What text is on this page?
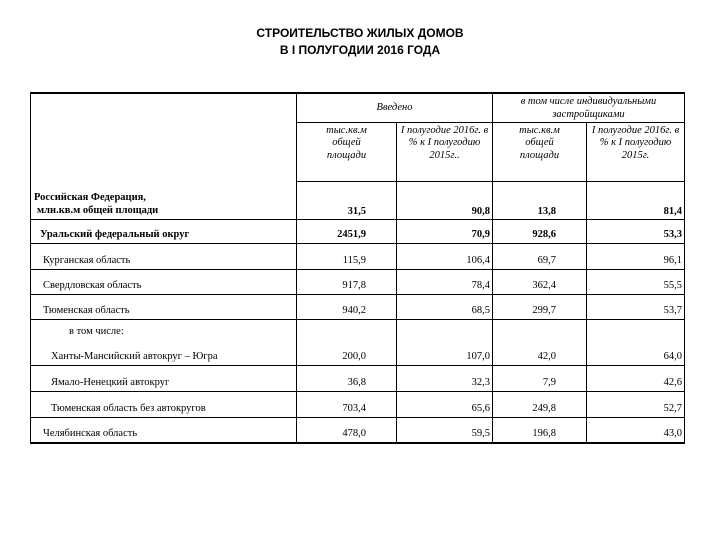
СТРОИТЕЛЬСТВО ЖИЛЫХ ДОМОВ
В I ПОЛУГОДИИ 2016 ГОДА
	Введено		в том числе индивидуальными застройщиками	
	тыс.кв.м общей площади	I полугодие 2016г. в % к I полугодию 2015г..	тыс.кв.м общей площади	I полугодие 2016г. в % к I полугодию 2015г.

Российская Федерация,
млн.кв.м общей площади	31,5	90,8	13,8	81,4
Уральский федеральный округ	2451,9	70,9	928,6	53,3
Курганская область	115,9	106,4	69,7	96,1
Свердловская область	917,8	78,4	362,4	55,5
Тюменская область	940,2	68,5	299,7	53,7

в том числе:
Ханты-Мансийский автокруг – Югра	200,0	107,0	42,0	64,0
Ямало-Ненецкий автокруг	36,8	32,3	7,9	42,6
Тюменская область без автокругов	703,4	65,6	249,8	52,7
Челябинская область	478,0	59,5	196,8	43,0
